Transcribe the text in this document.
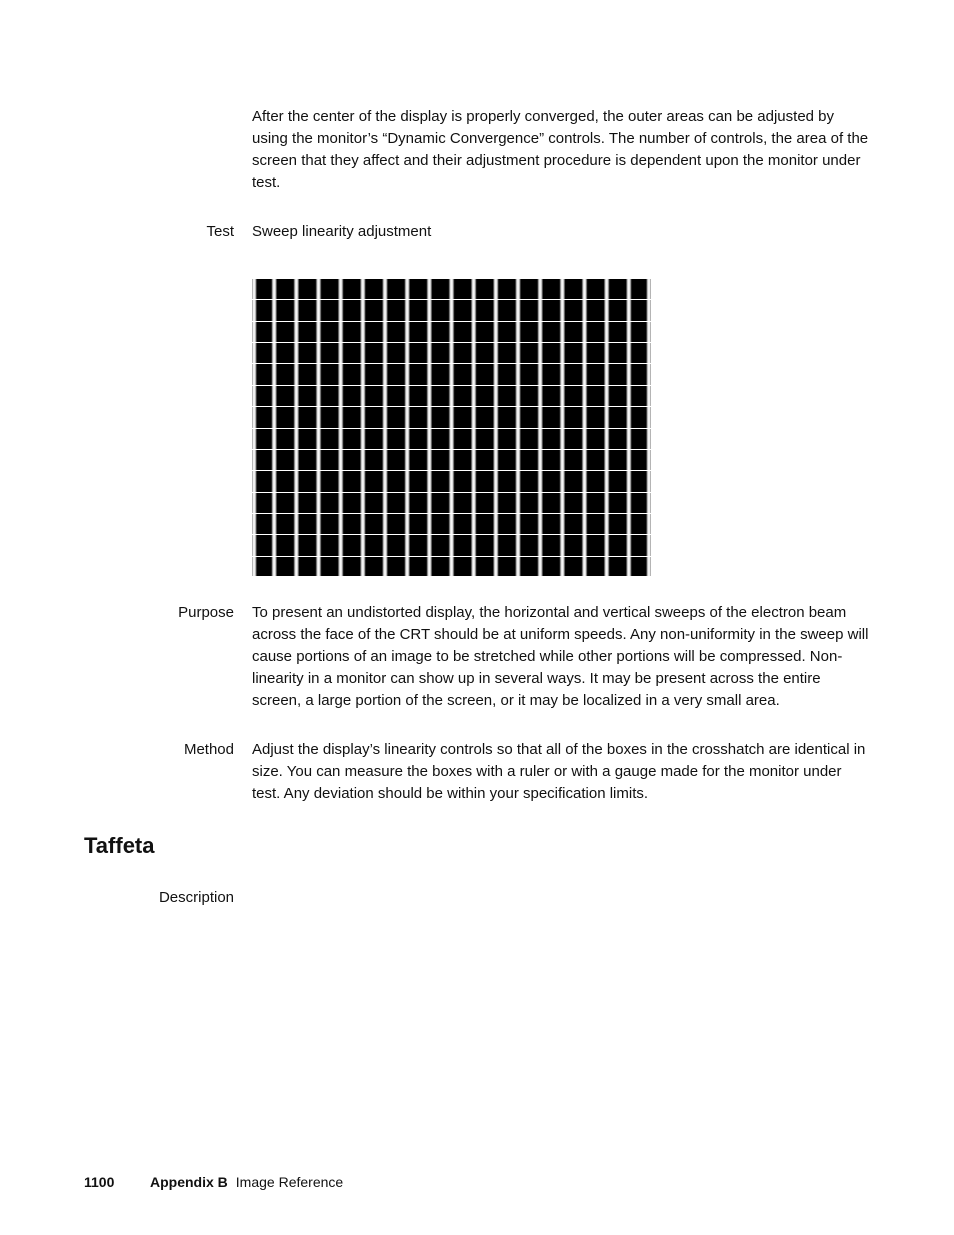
After the center of the display is properly converged, the outer areas can be adjusted by using the monitor’s “Dynamic Convergence” controls. The number of controls, the area of the screen that they affect and their adjustment procedure is dependent upon the monitor under test.

Test Sweep linearity adjustment
Purpose To present an undistorted display, the horizontal and vertical sweeps of the electron beam across the face of the CRT should be at uniform speeds. Any non-uniformity in the sweep will cause portions of an image to be stretched while other portions will be compressed. Non-linearity in a monitor can show up in several ways. It may be present across the entire screen, a large portion of the screen, or it may be localized in a very small area.

Method Adjust the display’s linearity controls so that all of the boxes in the crosshatch are identical in size. You can measure the boxes with a ruler or with a gauge made for the monitor under test. Any deviation should be within your specification limits.

Taffeta
Description
1100	Appendix B Image Reference
